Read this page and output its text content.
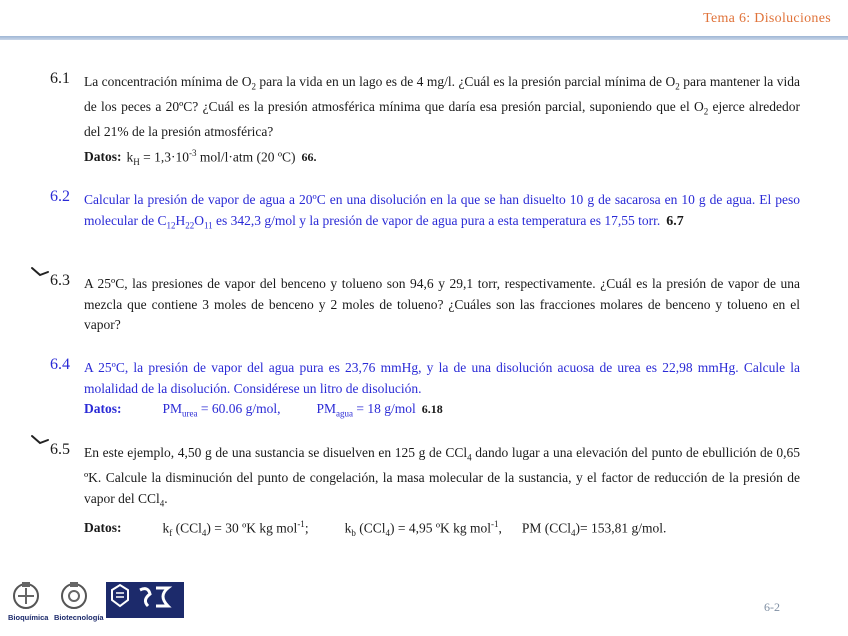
Tema 6: Disoluciones
6.1 La concentración mínima de $O_2$ para la vida en un lago es de 4 mg/l. ¿Cuál es la presión parcial mínima de $O_2$ para mantener la vida de los peces a 20ºC? ¿Cuál es la presión atmosférica mínima que daría esa presión parcial, suponiendo que el $O_2$ ejerce alrededor del 21% de la presión atmosférica?
Datos: $k_H = 1,3\cdot 10^{-3}$ mol/l·atm (20 ºC) 66.
6.2 Calcular la presión de vapor de agua a 20ºC en una disolución en la que se han disuelto 10 g de sacarosa en 10 g de agua. El peso molecular de $C_{12}H_{22}O_{11}$ es 342,3 g/mol y la presión de vapor de agua pura a esta temperatura es 17,55 torr. 6.7
6.3 A 25ºC, las presiones de vapor del benceno y tolueno son 94,6 y 29,1 torr, respectivamente. ¿Cuál es la presión de vapor de una mezcla que contiene 3 moles de benceno y 2 moles de tolueno? ¿Cuáles son las fracciones molares de benceno y tolueno en el vapor?
6.4 A 25ºC, la presión de vapor del agua pura es 23,76 mmHg, y la de una disolución acuosa de urea es 22,98 mmHg. Calcule la molalidad de la disolución. Considérese un litro de disolución.
Datos:	$PM_{urea} = 60.06$ g/mol,	$PM_{agua} = 18$ g/mol 6.18
6.5 En este ejemplo, 4,50 g de una sustancia se disuelven en 125 g de CCl$_4$ dando lugar a una elevación del punto de ebullición de 0,65 ºK. Calcule la disminución del punto de congelación, la masa molecular de la sustancia, y el factor de reducción de la presión de vapor del CCl$_4$.
Datos:	$k_f$ (CCl$_4$) = 30 ºK kg mol$^{-1}$;	$k_b$ (CCl$_4$) = 4,95 ºK kg mol$^{-1}$, PM (CCl$_4$)= 153,81 g/mol.
Bioquímica Biotecnología
6-2
